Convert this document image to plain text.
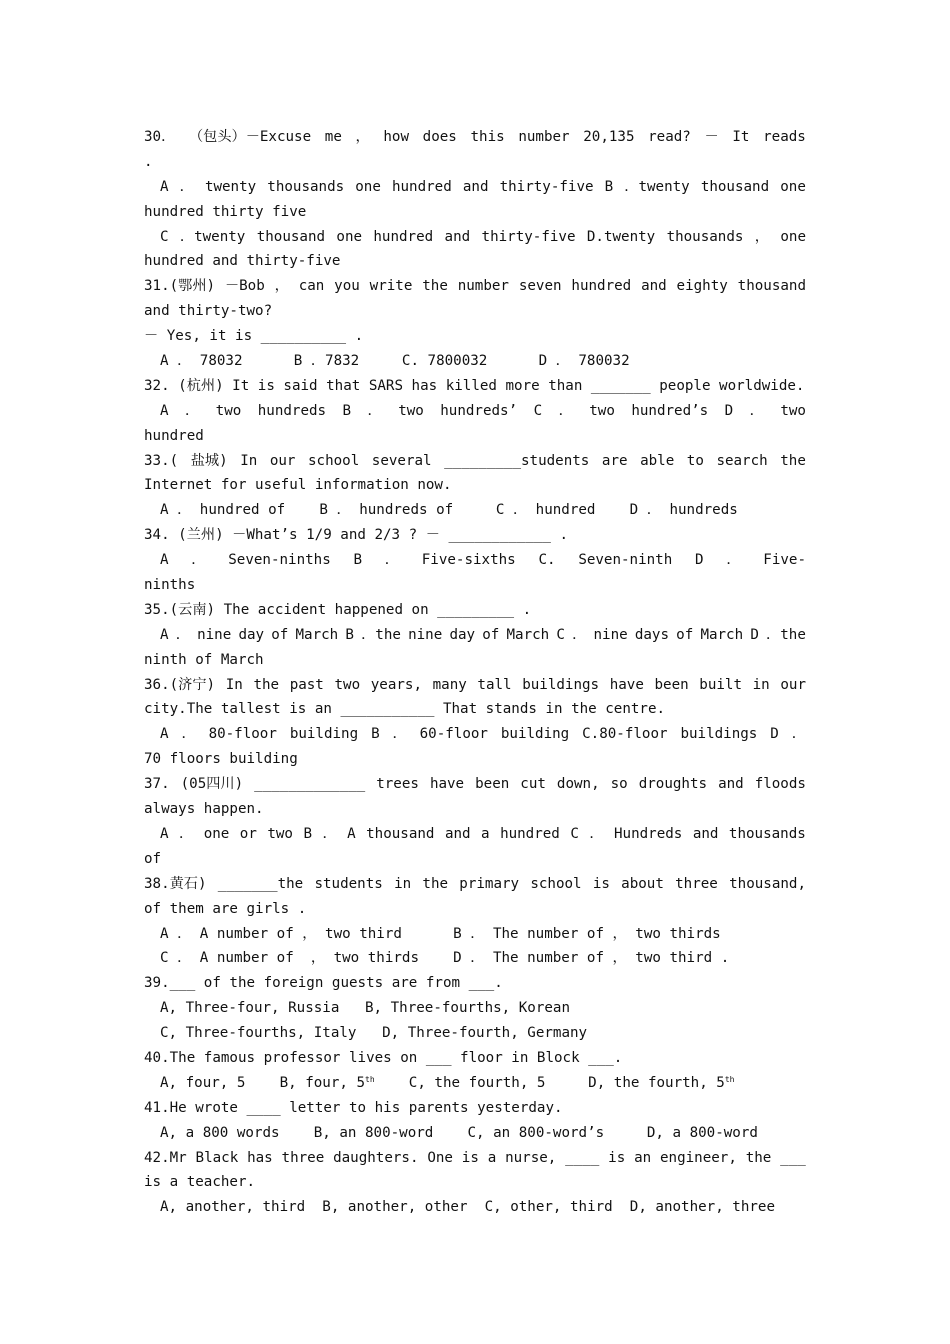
30． （包头）－Excuse me ， how does this number 20,135 read? － It reads
.
A ． twenty thousands one hundred and thirty-five B ．twenty thousand one
hundred thirty five
C ．twenty thousand one hundred and thirty-five D.twenty thousands ， one
hundred and thirty-five
31.(鄂州) －Bob ， can you write the number seven hundred and eighty thousand
and thirty-two?
－ Yes, it is __________ .
A ． 78032      B ．7832     C. 7800032      D ． 780032
32. (杭州) It is said that SARS has killed more than _______ people worldwide.
A ． two hundreds B ． two hundreds’ C ． two hundred’s D ． two
hundred
33.( 盐城) In our school several _________students are able to search the
Internet for useful information now.
A ． hundred of    B ． hundreds of     C ． hundred    D ． hundreds
34. (兰州) －What’s 1/9 and 2/3 ? － ____________ .
A ． Seven-ninths B ． Five-sixths C. Seven-ninth D ． Five-
ninths
35.(云南) The accident happened on _________ .
A ． nine day of March B ．the nine day of March C ． nine days of March D ．the
ninth of March
36.(济宁) In the past two years, many tall buildings have been built in our
city.The tallest is an ___________ That stands in the centre.
A ． 80-floor building B ． 60-floor building C.80-floor buildings D ．
70 floors building
37. (05四川) _____________ trees have been cut down, so droughts and floods
always happen.
A ． one or two B ． A thousand and a hundred C ． Hundreds and thousands
of
38.黄石) _______the students in the primary school is about three thousand,
of them are girls .
A ． A number of ， two third      B ． The number of ， two thirds
C ． A number of  ， two thirds    D ． The number of ， two third .
39.___ of the foreign guests are from ___.
A, Three-four, Russia   B, Three-fourths, Korean
C, Three-fourths, Italy   D, Three-fourth, Germany
40.The famous professor lives on ___ floor in Block ___.
A, four, 5    B, four, 5th    C, the fourth, 5     D, the fourth, 5th
41.He wrote ____ letter to his parents yesterday.
A, a 800 words    B, an 800-word    C, an 800-word’s     D, a 800-word
42.Mr Black has three daughters. One is a nurse, ____ is an engineer, the ___
is a teacher.
A, another, third  B, another, other  C, other, third  D, another, three
